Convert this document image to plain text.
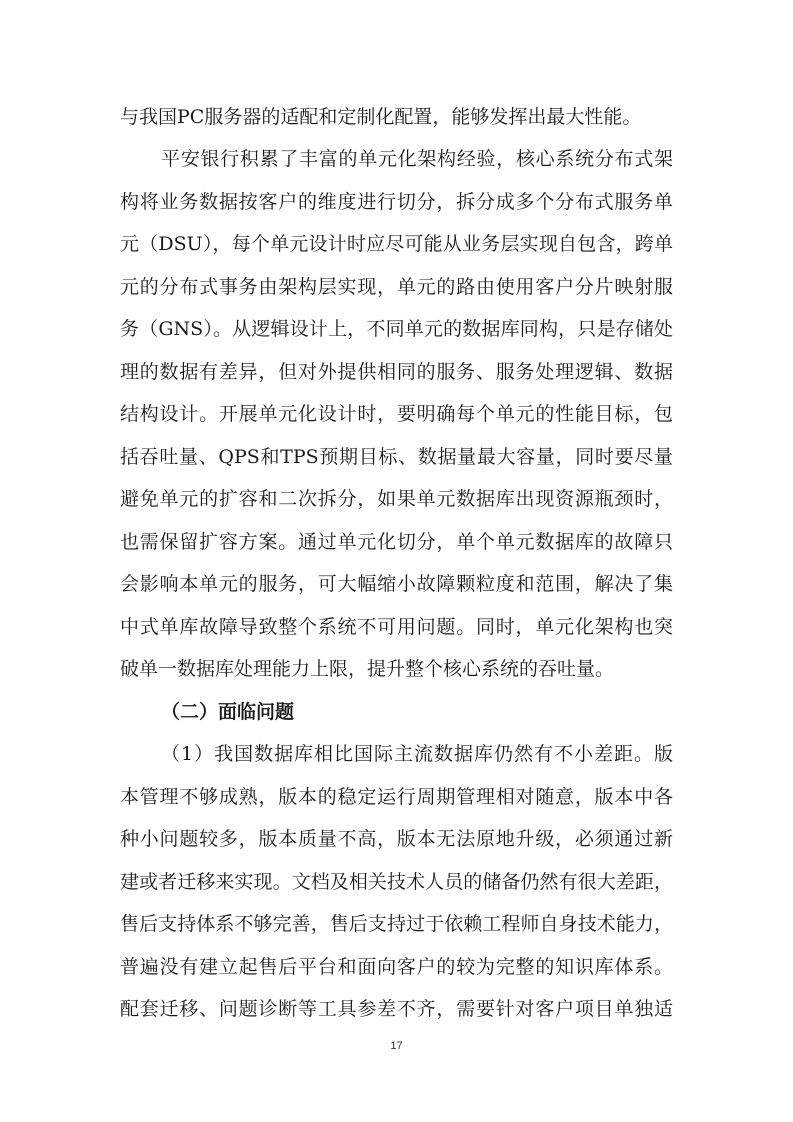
与我国PC服务器的适配和定制化配置，能够发挥出最大性能。
平安银行积累了丰富的单元化架构经验，核心系统分布式架
构将业务数据按客户的维度进行切分，拆分成多个分布式服务单
元（DSU），每个单元设计时应尽可能从业务层实现自包含，跨单
元的分布式事务由架构层实现，单元的路由使用客户分片映射服
务（GNS）。从逻辑设计上，不同单元的数据库同构，只是存储处
理的数据有差异，但对外提供相同的服务、服务处理逻辑、数据
结构设计。开展单元化设计时，要明确每个单元的性能目标，包
括吞吐量、QPS和TPS预期目标、数据量最大容量，同时要尽量
避免单元的扩容和二次拆分，如果单元数据库出现资源瓶颈时，
也需保留扩容方案。通过单元化切分，单个单元数据库的故障只
会影响本单元的服务，可大幅缩小故障颗粒度和范围，解决了集
中式单库故障导致整个系统不可用问题。同时，单元化架构也突
破单一数据库处理能力上限，提升整个核心系统的吞吐量。
（二）面临问题
（1）我国数据库相比国际主流数据库仍然有不小差距。版
本管理不够成熟，版本的稳定运行周期管理相对随意，版本中各
种小问题较多，版本质量不高，版本无法原地升级，必须通过新
建或者迁移来实现。文档及相关技术人员的储备仍然有很大差距，
售后支持体系不够完善，售后支持过于依赖工程师自身技术能力，
普遍没有建立起售后平台和面向客户的较为完整的知识库体系。
配套迁移、问题诊断等工具参差不齐，需要针对客户项目单独适
17
